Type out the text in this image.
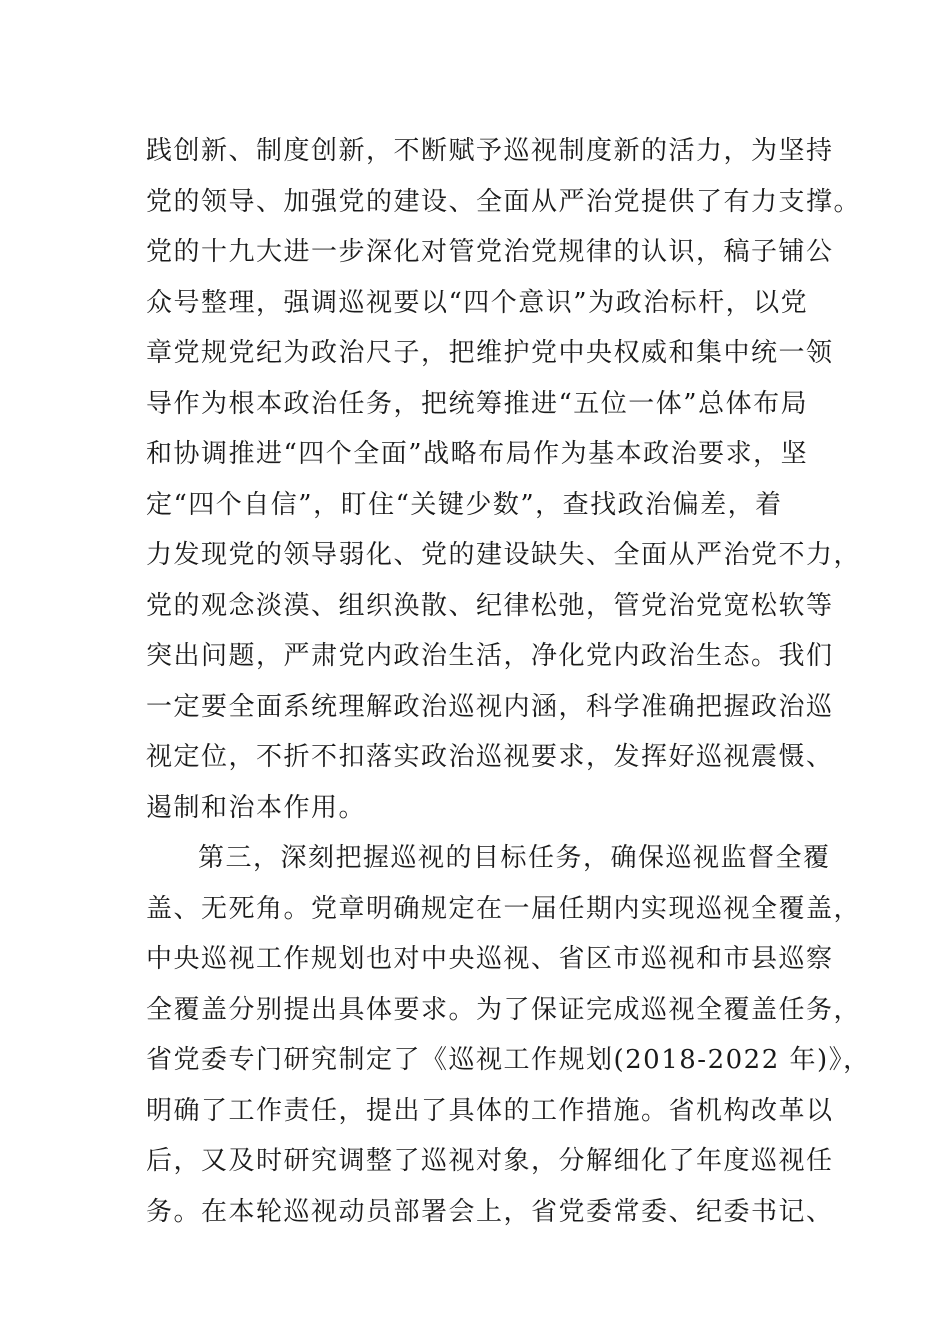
践创新、制度创新，不断赋予巡视制度新的活力，为坚持
党的领导、加强党的建设、全面从严治党提供了有力支撑。
党的十九大进一步深化对管党治党规律的认识，稿子铺公
众号整理，强调巡视要以“四个意识”为政治标杆，以党
章党规党纪为政治尺子，把维护党中央权威和集中统一领
导作为根本政治任务，把统筹推进“五位一体”总体布局
和协调推进“四个全面”战略布局作为基本政治要求，坚
定“四个自信”，盯住“关键少数”，查找政治偏差，着
力发现党的领导弱化、党的建设缺失、全面从严治党不力，
党的观念淡漠、组织涣散、纪律松弛，管党治党宽松软等
突出问题，严肃党内政治生活，净化党内政治生态。我们
一定要全面系统理解政治巡视内涵，科学准确把握政治巡
视定位，不折不扣落实政治巡视要求，发挥好巡视震慑、
遏制和治本作用。
第三，深刻把握巡视的目标任务，确保巡视监督全覆
盖、无死角。党章明确规定在一届任期内实现巡视全覆盖，
中央巡视工作规划也对中央巡视、省区市巡视和市县巡察
全覆盖分别提出具体要求。为了保证完成巡视全覆盖任务，
省党委专门研究制定了《巡视工作规划(2018-2022 年)》，
明确了工作责任，提出了具体的工作措施。省机构改革以
后，又及时研究调整了巡视对象，分解细化了年度巡视任
务。在本轮巡视动员部署会上，省党委常委、纪委书记、
